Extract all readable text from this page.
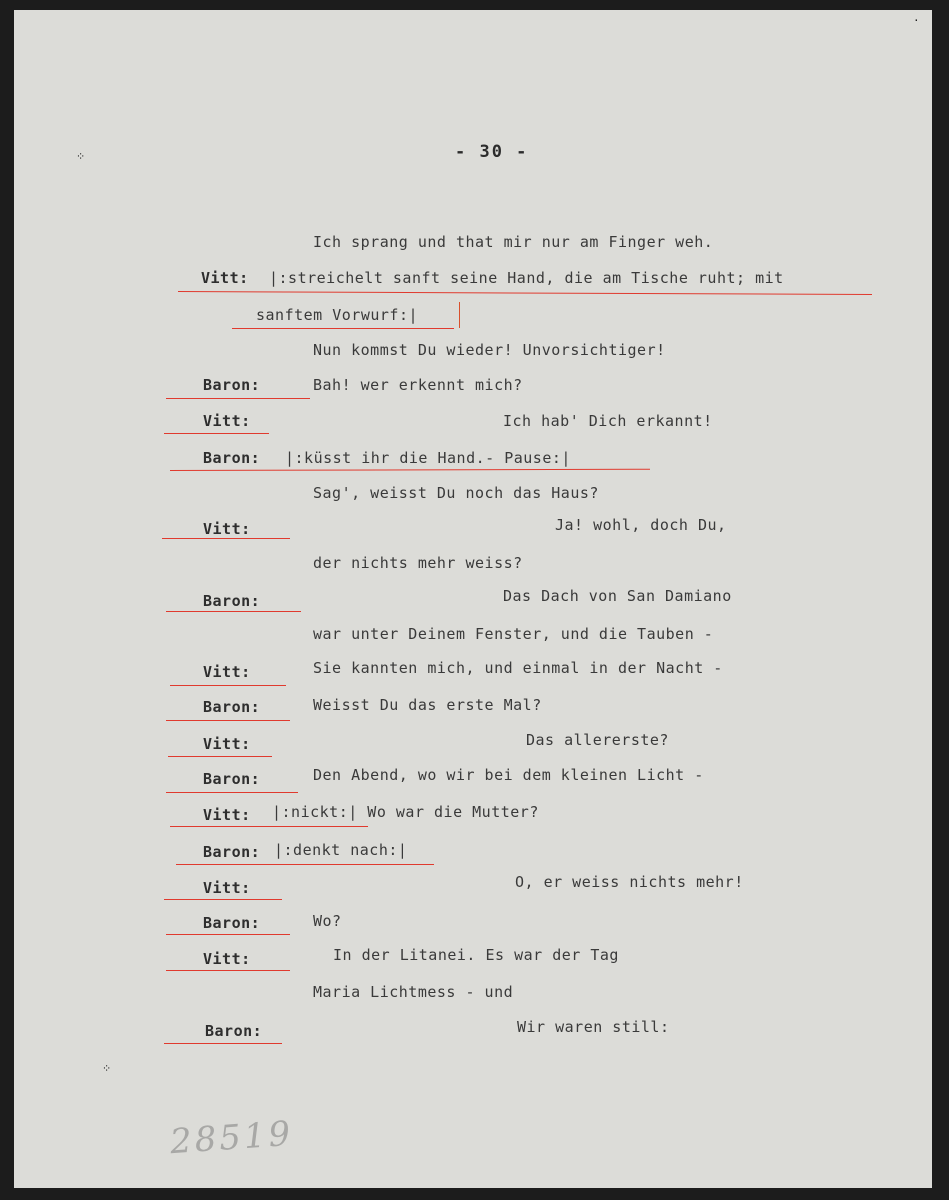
- 30 -
Ich sprang und that mir nur am Finger weh.
Vitt: |:streichelt sanft seine Hand, die am Tische ruht; mit
sanftem Vorwurf:|
Nun kommst Du wieder! Unvorsichtiger!
Baron:	Bah! wer erkennt mich?
Vitt:	Ich hab' Dich erkannt!
Baron: |:küsst ihr die Hand.- Pause:|
Sag', weisst Du noch das Haus?
Vitt:	Ja! wohl, doch Du,
der nichts mehr weiss?
Baron:	Das Dach von San Damiano
war unter Deinem Fenster, und die Tauben -
Vitt:	Sie kannten mich, und einmal in der Nacht -
Baron:	Weisst Du das erste Mal?
Vitt:	Das allererste?
Baron:	Den Abend, wo wir bei dem kleinen Licht -
Vitt: |:nickt:| Wo war die Mutter?
Baron: |:denkt nach:|
Vitt:	O, er weiss nichts mehr!
Baron:	Wo?
Vitt:	In der Litanei. Es war der Tag
Maria Lichtmess - und
Baron:	Wir waren still:
⁘
⁘
·
28519
